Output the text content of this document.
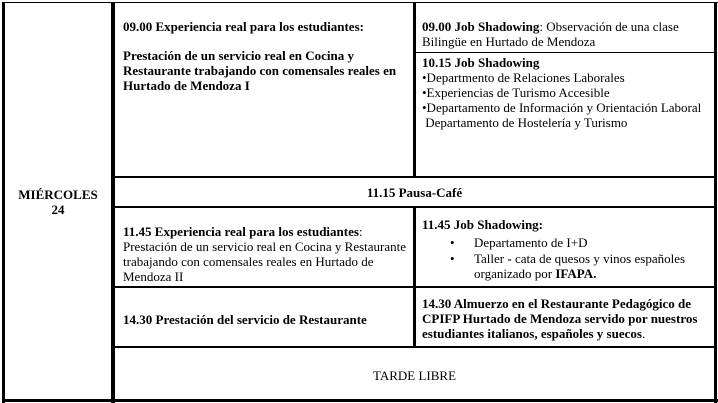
MIÉRCOLES
24

09.00 Experiencia real para los estudiantes:

Prestación de un servicio real en Cocina y Restaurante trabajando con comensales reales en Hurtado de Mendoza I

09.00 Job Shadowing: Observación de una clase Bilingüe en Hurtado de Mendoza

10.15 Job Shadowing

•Departmento de Relaciones Laborales

•Experiencias de Turismo Accesible

•Departamento de Información y Orientación Laboral

Departamento de Hostelería y Turismo

11.15 Pausa-Café

11.45 Experiencia real para los estudiantes:

Prestación de un servicio real en Cocina y Restaurante trabajando con comensales reales en Hurtado de Mendoza II

11.45 Job Shadowing:

• Departamento de I+D
• Taller - cata de quesos y vinos españoles organizado por IFAPA.
14.30 Prestación del servicio de Restaurante

14.30 Almuerzo en el Restaurante Pedagógico de CPIFP Hurtado de Mendoza servido por nuestros estudiantes italianos, españoles y suecos.

TARDE LIBRE
